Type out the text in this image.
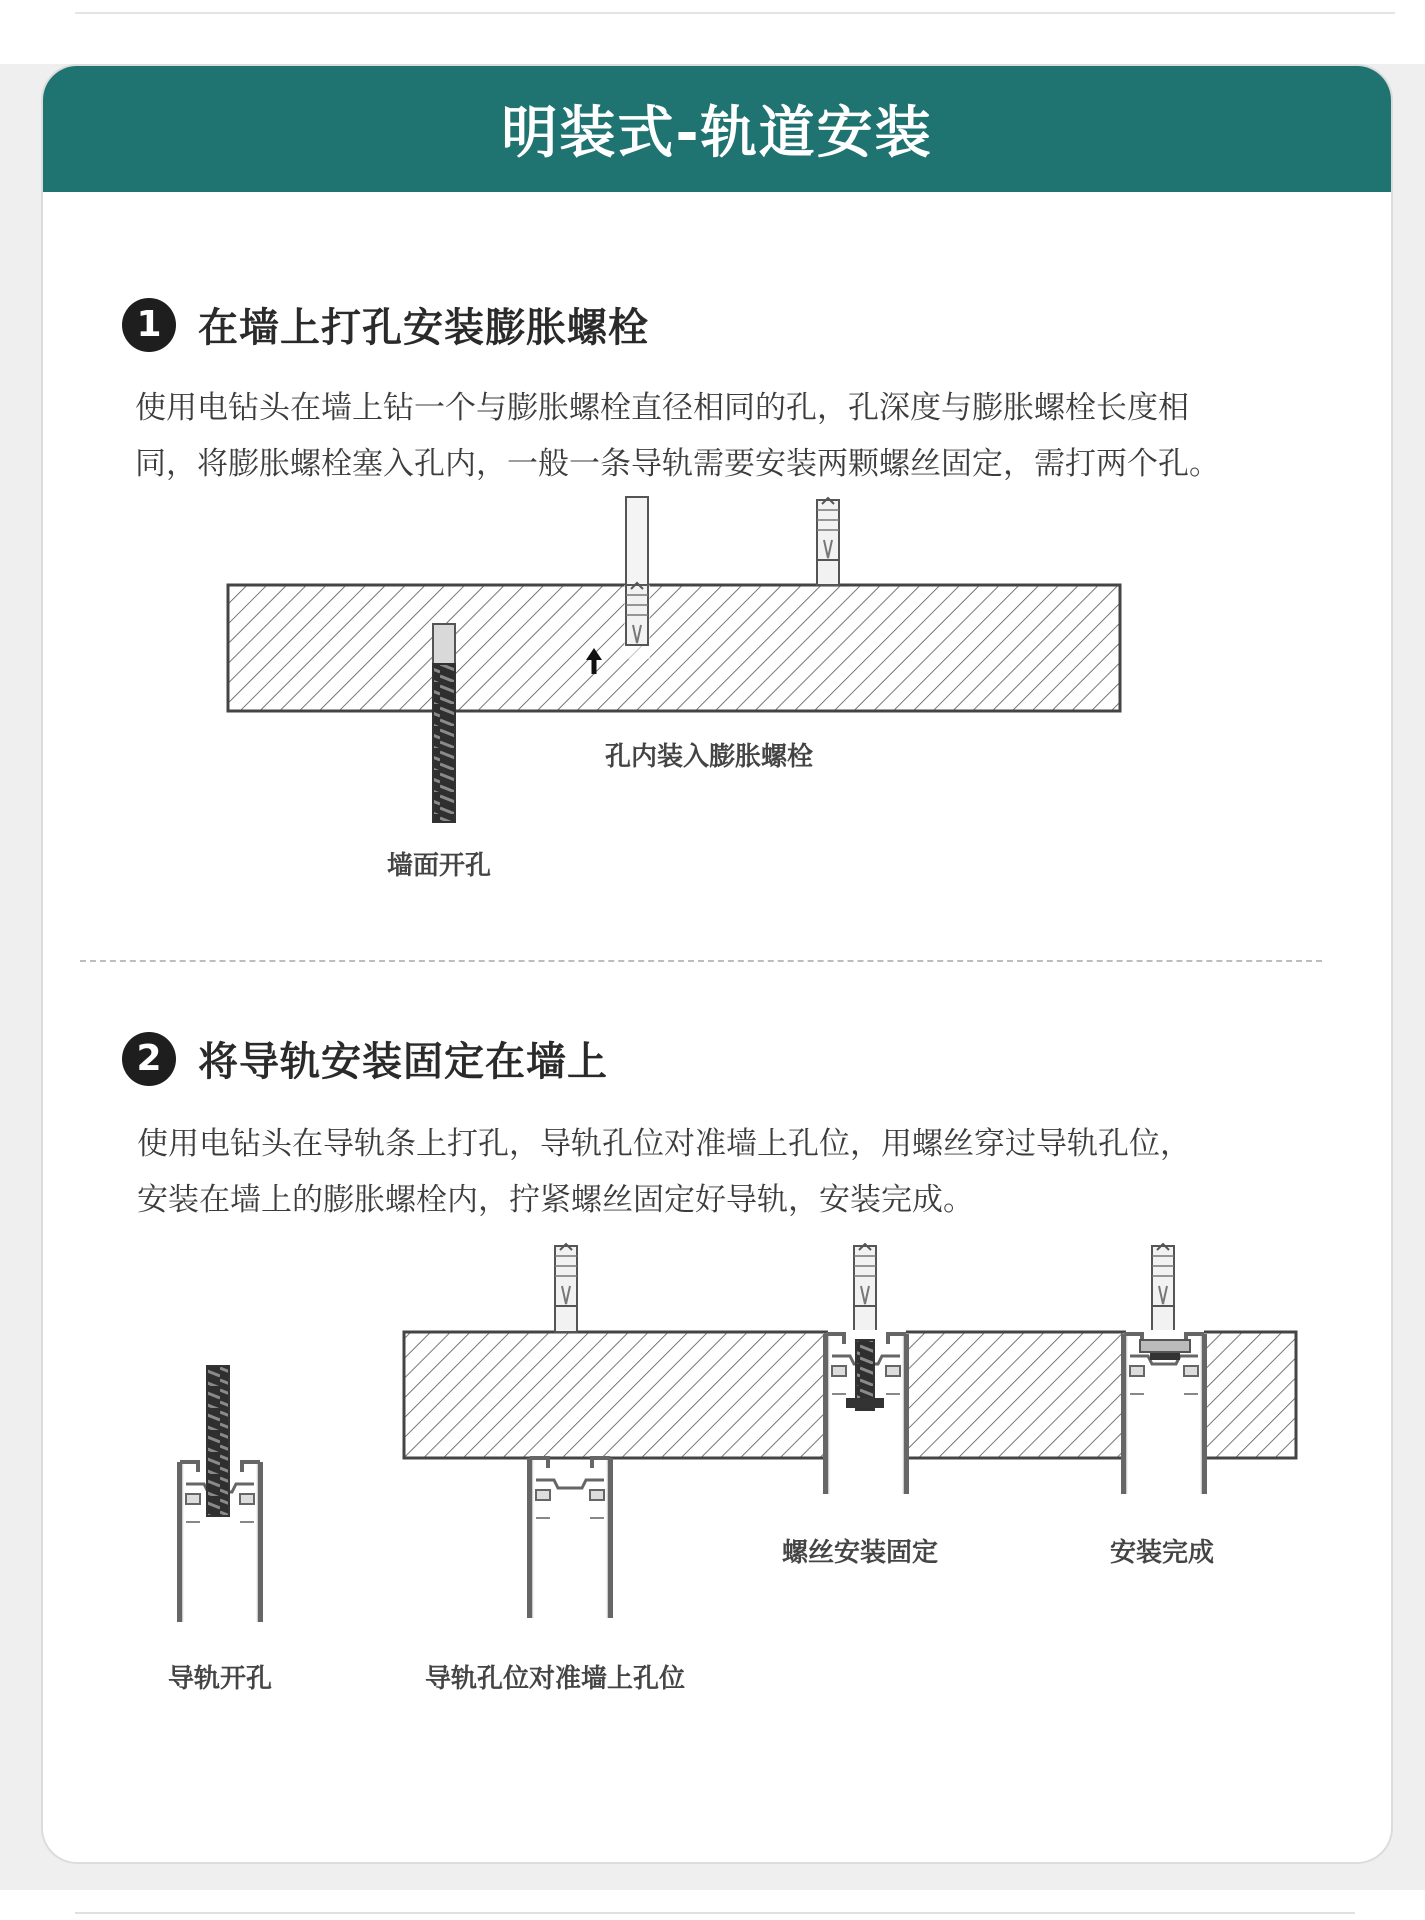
明装式-轨道安装
1 在墙上打孔安装膨胀螺栓
使用电钻头在墙上钻一个与膨胀螺栓直径相同的孔，孔深度与膨胀螺栓长度相
同，将膨胀螺栓塞入孔内，一般一条导轨需要安装两颗螺丝固定，需打两个孔。
2 将导轨安装固定在墙上
使用电钻头在导轨条上打孔，导轨孔位对准墙上孔位，用螺丝穿过导轨孔位，
安装在墙上的膨胀螺栓内，拧紧螺丝固定好导轨，安装完成。
孔内装入膨胀螺栓
墙面开孔
导轨开孔	导轨孔位对准墙上孔位
螺丝安装固定	安装完成
